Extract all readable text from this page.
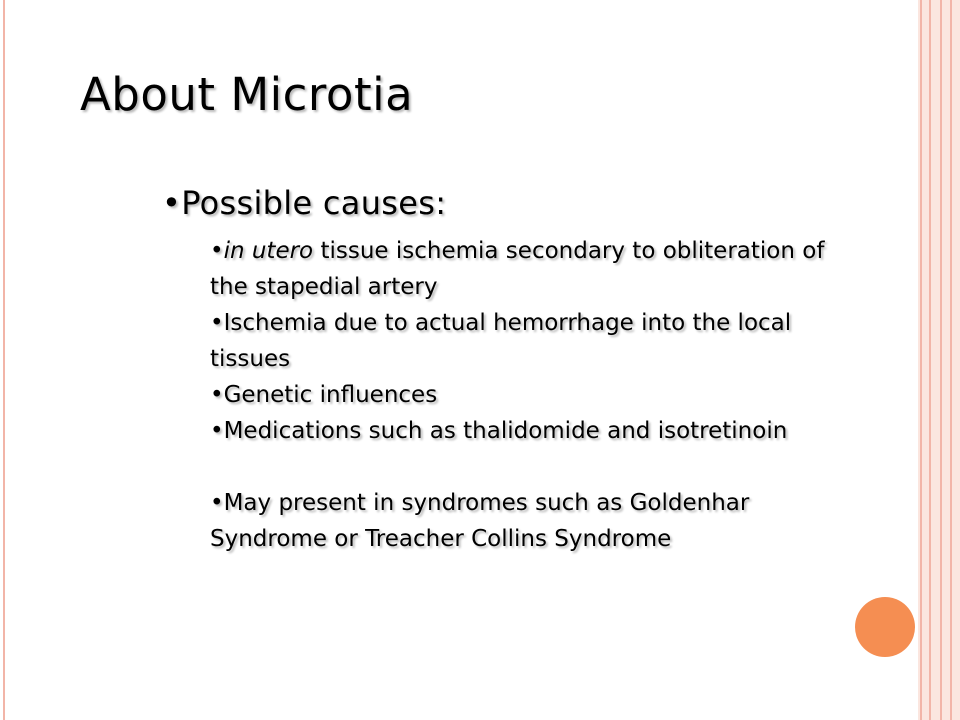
About Microtia
•Possible causes:
•in utero tissue ischemia secondary to obliteration of the stapedial artery
•Ischemia due to actual hemorrhage into the local tissues
•Genetic influences
•Medications such as thalidomide and isotretinoin
•May present in syndromes such as Goldenhar Syndrome or Treacher Collins Syndrome
